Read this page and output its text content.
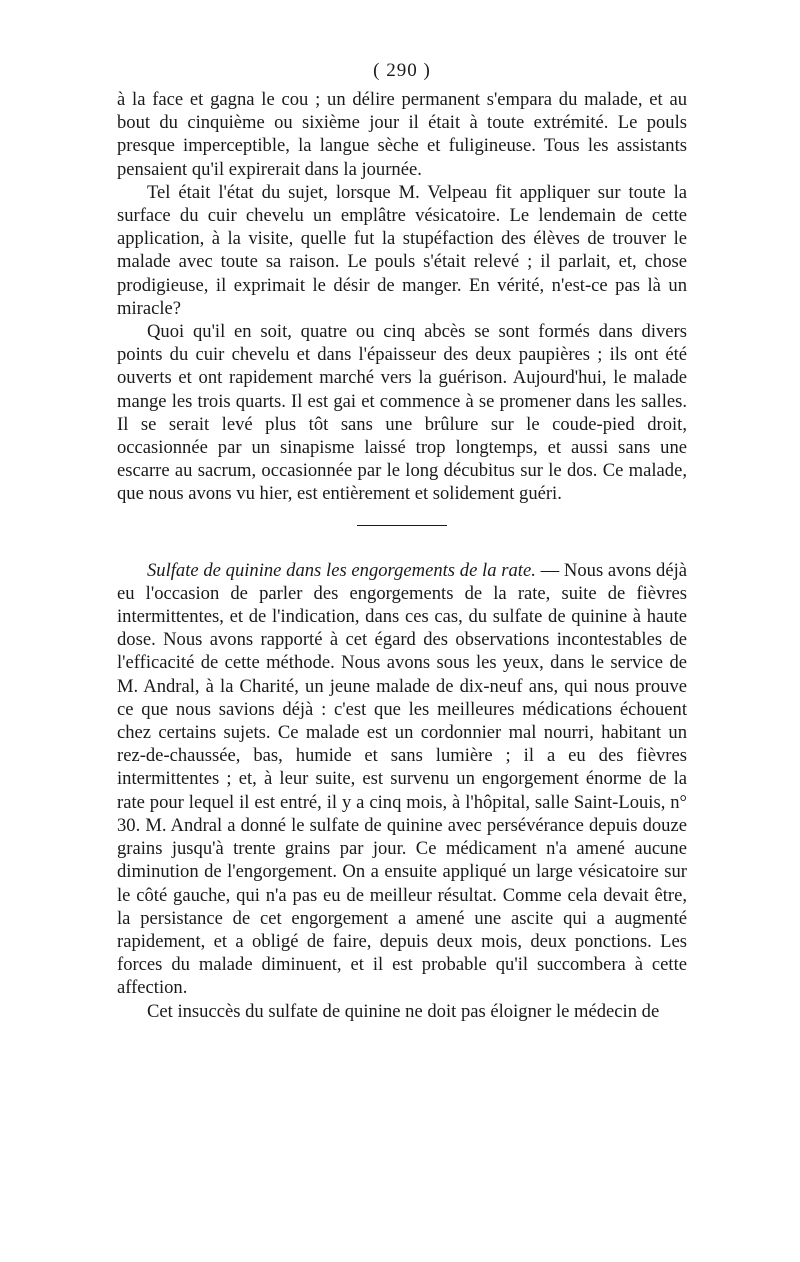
( 290 )

à la face et gagna le cou ; un délire permanent s'empara du malade, et au bout du cinquième ou sixième jour il était à toute extrémité. Le pouls presque imperceptible, la langue sèche et fuligineuse. Tous les assistants pensaient qu'il expirerait dans la journée.

Tel était l'état du sujet, lorsque M. Velpeau fit appliquer sur toute la surface du cuir chevelu un emplâtre vésicatoire. Le lendemain de cette application, à la visite, quelle fut la stupéfaction des élèves de trouver le malade avec toute sa raison. Le pouls s'était relevé ; il parlait, et, chose prodigieuse, il exprimait le désir de manger. En vérité, n'est-ce pas là un miracle?

Quoi qu'il en soit, quatre ou cinq abcès se sont formés dans divers points du cuir chevelu et dans l'épaisseur des deux paupières ; ils ont été ouverts et ont rapidement marché vers la guérison. Aujourd'hui, le malade mange les trois quarts. Il est gai et commence à se promener dans les salles. Il se serait levé plus tôt sans une brûlure sur le coude-pied droit, occasionnée par un sinapisme laissé trop longtemps, et aussi sans une escarre au sacrum, occasionnée par le long décubitus sur le dos. Ce malade, que nous avons vu hier, est entièrement et solidement guéri.

Sulfate de quinine dans les engorgements de la rate. — Nous avons déjà eu l'occasion de parler des engorgements de la rate, suite de fièvres intermittentes, et de l'indication, dans ces cas, du sulfate de quinine à haute dose. Nous avons rapporté à cet égard des observations incontestables de l'efficacité de cette méthode. Nous avons sous les yeux, dans le service de M. Andral, à la Charité, un jeune malade de dix-neuf ans, qui nous prouve ce que nous savions déjà : c'est que les meilleures médications échouent chez certains sujets. Ce malade est un cordonnier mal nourri, habitant un rez-de-chaussée, bas, humide et sans lumière ; il a eu des fièvres intermittentes ; et, à leur suite, est survenu un engorgement énorme de la rate pour lequel il est entré, il y a cinq mois, à l'hôpital, salle Saint-Louis, n° 30. M. Andral a donné le sulfate de quinine avec persévérance depuis douze grains jusqu'à trente grains par jour. Ce médicament n'a amené aucune diminution de l'engorgement. On a ensuite appliqué un large vésicatoire sur le côté gauche, qui n'a pas eu de meilleur résultat. Comme cela devait être, la persistance de cet engorgement a amené une ascite qui a augmenté rapidement, et a obligé de faire, depuis deux mois, deux ponctions. Les forces du malade diminuent, et il est probable qu'il succombera à cette affection.

Cet insuccès du sulfate de quinine ne doit pas éloigner le médecin de
